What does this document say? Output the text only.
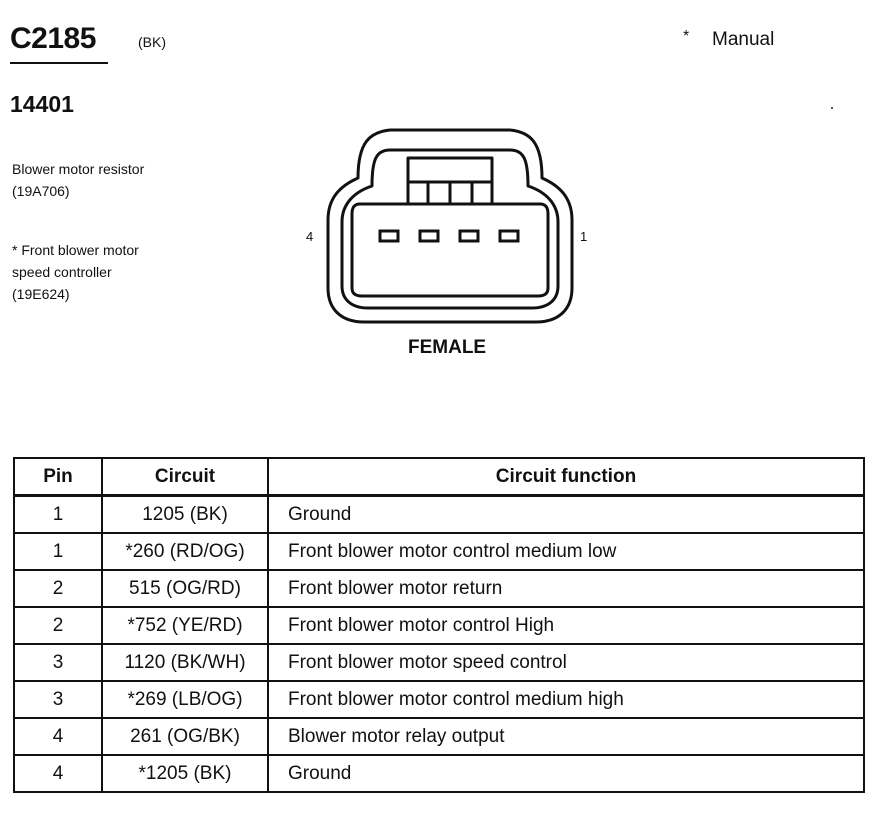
C2185	(BK)	* Manual
14401
Blower motor resistor
(19A706)
* Front blower motor
speed controller
(19E624)
4	1
FEMALE
Pin	Circuit	Circuit function
1	1205 (BK)	Ground
1	*260 (RD/OG)	Front blower motor control medium low
2	515 (OG/RD)	Front blower motor return
2	*752 (YE/RD)	Front blower motor control High
3	1120 (BK/WH)	Front blower motor speed control
3	*269 (LB/OG)	Front blower motor control medium high
4	261 (OG/BK)	Blower motor relay output
4	*1205 (BK)	Ground
